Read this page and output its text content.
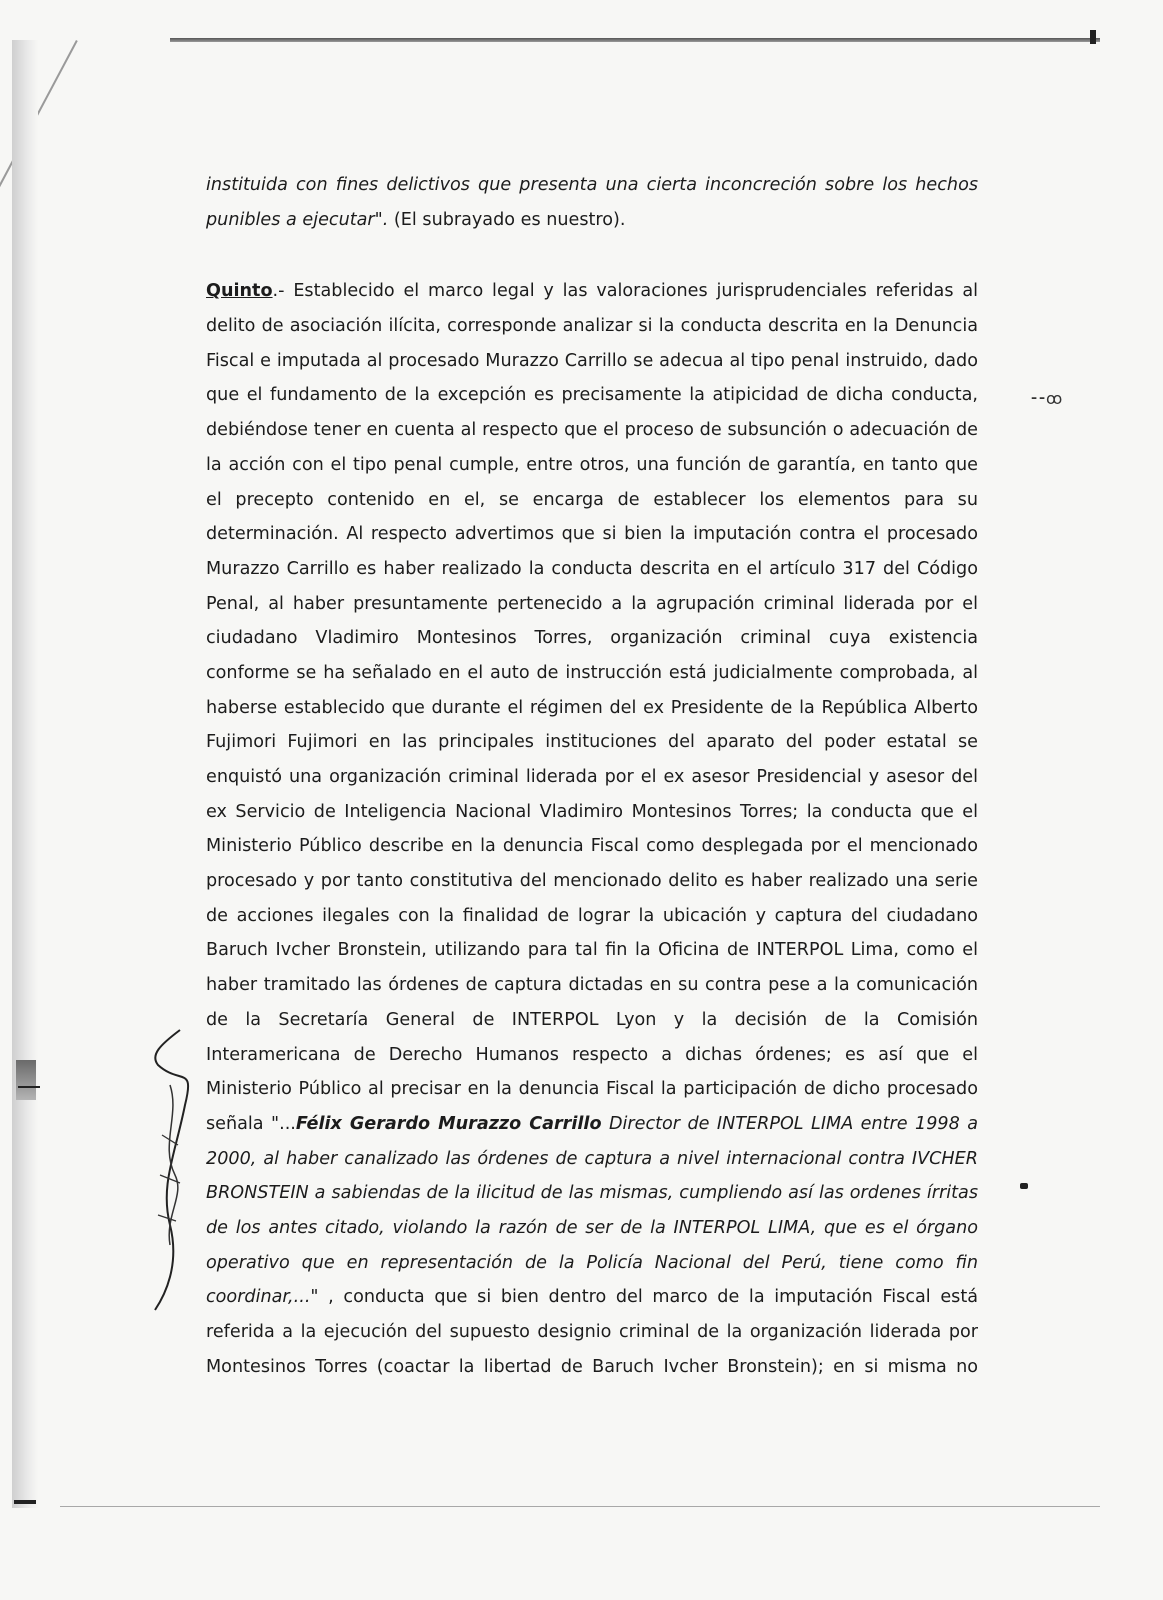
⁃⁃ꝏ
instituida con fines delictivos que presenta una cierta inconcreción sobre los hechos
punibles a ejecutar". (El subrayado es nuestro).
Quinto.- Establecido el marco legal y las valoraciones jurisprudenciales referidas al
delito de asociación ilícita, corresponde analizar si la conducta descrita en la Denuncia
Fiscal e imputada al procesado Murazzo Carrillo se adecua al tipo penal instruido, dado
que el fundamento de la excepción es precisamente la atipicidad de dicha conducta,
debiéndose tener en cuenta al respecto que el proceso de subsunción o adecuación de
la acción con el tipo penal cumple, entre otros, una función de garantía, en tanto que
el precepto contenido en el, se encarga de establecer los elementos para su
determinación. Al respecto advertimos que si bien la imputación contra el procesado
Murazzo Carrillo es haber realizado la conducta descrita en el artículo 317 del Código
Penal, al haber presuntamente pertenecido a la agrupación criminal liderada por el
ciudadano Vladimiro Montesinos Torres, organización criminal cuya existencia
conforme se ha señalado en el auto de instrucción está judicialmente comprobada, al
haberse establecido que durante el régimen del ex Presidente de la República Alberto
Fujimori Fujimori en las principales instituciones del aparato del poder estatal se
enquistó una organización criminal liderada por el ex asesor Presidencial y asesor del
ex Servicio de Inteligencia Nacional Vladimiro Montesinos Torres; la conducta que el
Ministerio Público describe en la denuncia Fiscal como desplegada por el mencionado
procesado y por tanto constitutiva del mencionado delito es haber realizado una serie
de acciones ilegales con la finalidad de lograr la ubicación y captura del ciudadano
Baruch Ivcher Bronstein, utilizando para tal fin la Oficina de INTERPOL Lima, como el
haber tramitado las órdenes de captura dictadas en su contra pese a la comunicación
de la Secretaría General de INTERPOL Lyon y la decisión de la Comisión
Interamericana de Derecho Humanos respecto a dichas órdenes; es así que el
Ministerio Público al precisar en la denuncia Fiscal la participación de dicho procesado
señala "...Félix Gerardo Murazzo Carrillo Director de INTERPOL LIMA entre 1998 a
2000, al haber canalizado las órdenes de captura a nivel internacional contra IVCHER
BRONSTEIN a sabiendas de la ilicitud de las mismas, cumpliendo así las ordenes írritas
de los antes citado, violando la razón de ser de la INTERPOL LIMA, que es el órgano
operativo que en representación de la Policía Nacional del Perú, tiene como fin
coordinar,..." , conducta que si bien dentro del marco de la imputación Fiscal está
referida a la ejecución del supuesto designio criminal de la organización liderada por
Montesinos Torres (coactar la libertad de Baruch Ivcher Bronstein); en si misma no
